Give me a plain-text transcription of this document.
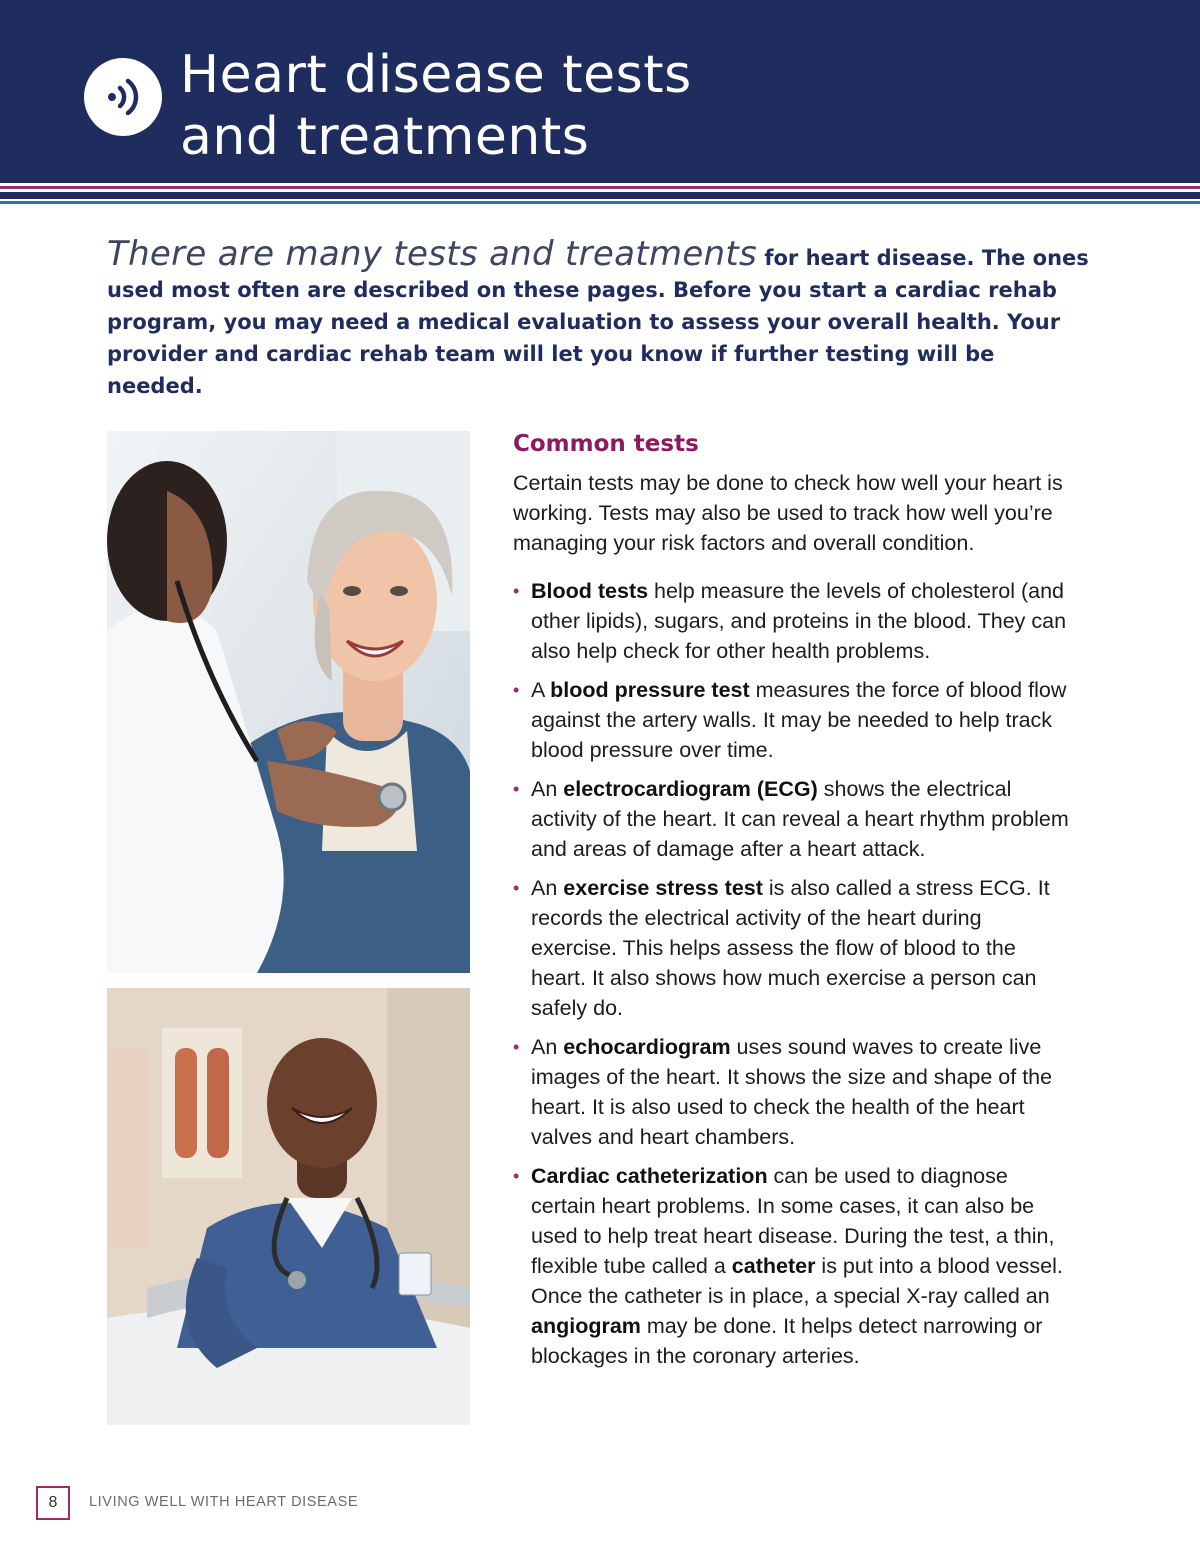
Heart disease tests
and treatments

There are many tests and treatments for heart disease. The ones used most often are described on these pages. Before you start a cardiac rehab program, you may need a medical evaluation to assess your overall health. Your provider and cardiac rehab team will let you know if further testing will be needed.

Common tests

Certain tests may be done to check how well your heart is working. Tests may also be used to track how well you’re managing your risk factors and overall condition.

• Blood tests help measure the levels of cholesterol (and other lipids), sugars, and proteins in the blood. They can also help check for other health problems.
• A blood pressure test measures the force of blood flow against the artery walls. It may be needed to help track blood pressure over time.
• An electrocardiogram (ECG) shows the electrical activity of the heart. It can reveal a heart rhythm problem and areas of damage after a heart attack.
• An exercise stress test is also called a stress ECG. It records the electrical activity of the heart during exercise. This helps assess the flow of blood to the heart. It also shows how much exercise a person can safely do.
• An echocardiogram uses sound waves to create live images of the heart. It shows the size and shape of the heart. It is also used to check the health of the heart valves and heart chambers.
• Cardiac catheterization can be used to diagnose certain heart problems. In some cases, it can also be used to help treat heart disease. During the test, a thin, flexible tube called a catheter is put into a blood vessel. Once the catheter is in place, a special X-ray called an angiogram may be done. It helps detect narrowing or blockages in the coronary arteries.
8	LIVING WELL WITH HEART DISEASE
